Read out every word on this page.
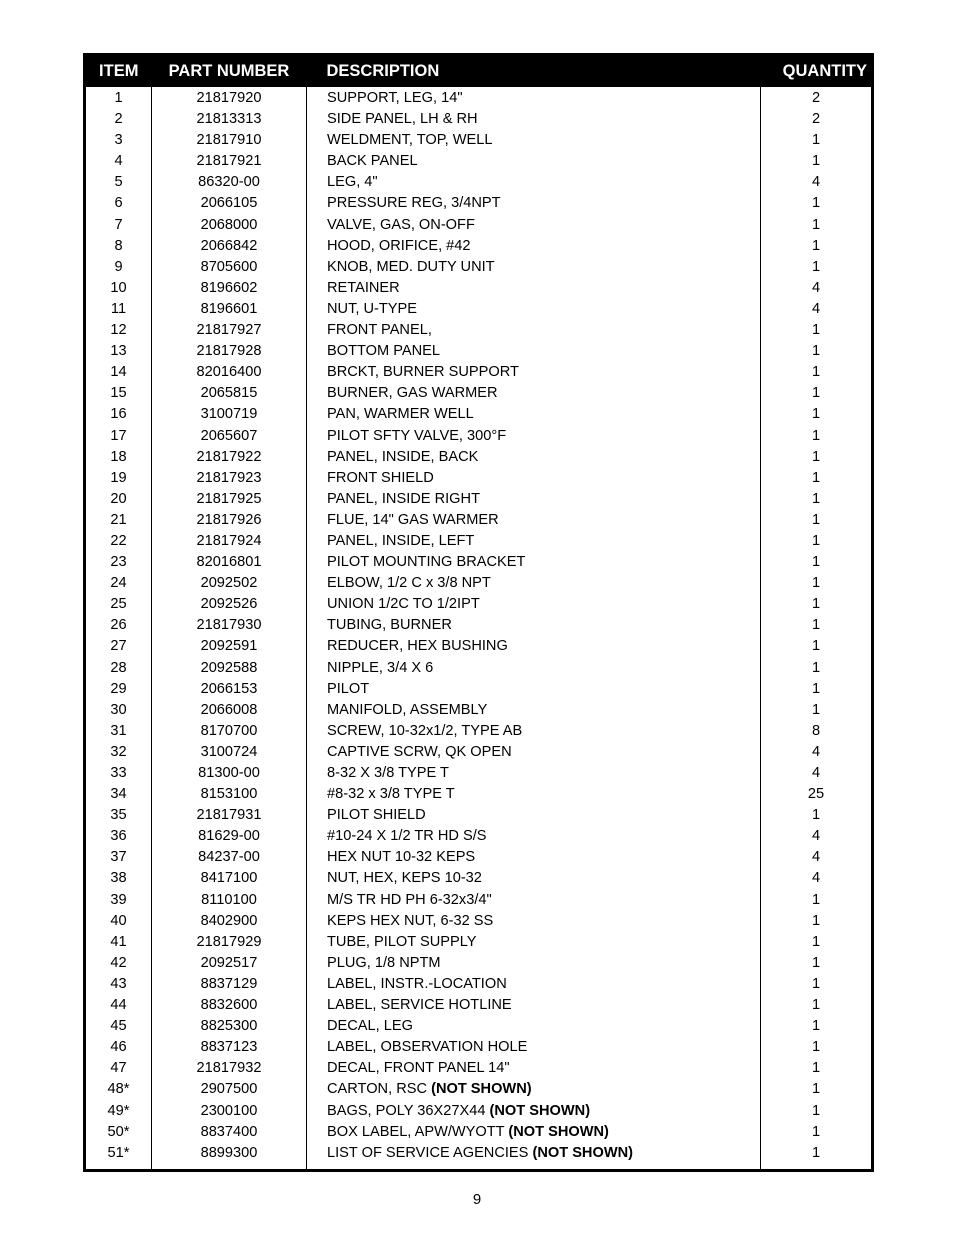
ITEM	PART NUMBER	DESCRIPTION	QUANTITY
1	21817920	SUPPORT, LEG, 14"	2
2	21813313	SIDE PANEL, LH & RH	2
3	21817910	WELDMENT, TOP, WELL	1
4	21817921	BACK PANEL	1
5	86320-00	LEG, 4"	4
6	2066105	PRESSURE REG, 3/4NPT	1
7	2068000	VALVE, GAS, ON-OFF	1
8	2066842	HOOD, ORIFICE, #42	1
9	8705600	KNOB, MED. DUTY UNIT	1
10	8196602	RETAINER	4
11	8196601	NUT, U-TYPE	4
12	21817927	FRONT PANEL,	1
13	21817928	BOTTOM PANEL	1
14	82016400	BRCKT, BURNER SUPPORT	1
15	2065815	BURNER, GAS WARMER	1
16	3100719	PAN, WARMER WELL	1
17	2065607	PILOT SFTY VALVE, 300°F	1
18	21817922	PANEL, INSIDE, BACK	1
19	21817923	FRONT SHIELD	1
20	21817925	PANEL, INSIDE RIGHT	1
21	21817926	FLUE, 14" GAS WARMER	1
22	21817924	PANEL, INSIDE, LEFT	1
23	82016801	PILOT MOUNTING BRACKET	1
24	2092502	ELBOW, 1/2 C x 3/8 NPT	1
25	2092526	UNION 1/2C TO 1/2IPT	1
26	21817930	TUBING, BURNER	1
27	2092591	REDUCER, HEX BUSHING	1
28	2092588	NIPPLE, 3/4 X 6	1
29	2066153	PILOT	1
30	2066008	MANIFOLD, ASSEMBLY	1
31	8170700	SCREW, 10-32x1/2, TYPE AB	8
32	3100724	CAPTIVE SCRW, QK OPEN	4
33	81300-00	8-32 X 3/8 TYPE T	4
34	8153100	#8-32 x 3/8 TYPE T	25
35	21817931	PILOT SHIELD	1
36	81629-00	#10-24 X 1/2 TR HD S/S	4
37	84237-00	HEX NUT 10-32 KEPS	4
38	8417100	NUT, HEX, KEPS 10-32	4
39	8110100	M/S TR HD PH 6-32x3/4"	1
40	8402900	KEPS HEX NUT, 6-32 SS	1
41	21817929	TUBE, PILOT SUPPLY	1
42	2092517	PLUG, 1/8 NPTM	1
43	8837129	LABEL, INSTR.-LOCATION	1
44	8832600	LABEL, SERVICE HOTLINE	1
45	8825300	DECAL, LEG	1
46	8837123	LABEL, OBSERVATION HOLE	1
47	21817932	DECAL, FRONT PANEL 14"	1
48*	2907500	CARTON, RSC (NOT SHOWN)	1
49*	2300100	BAGS, POLY 36X27X44 (NOT SHOWN)	1
50*	8837400	BOX LABEL, APW/WYOTT (NOT SHOWN)	1
51*	8899300	LIST OF SERVICE AGENCIES (NOT SHOWN)	1
9
